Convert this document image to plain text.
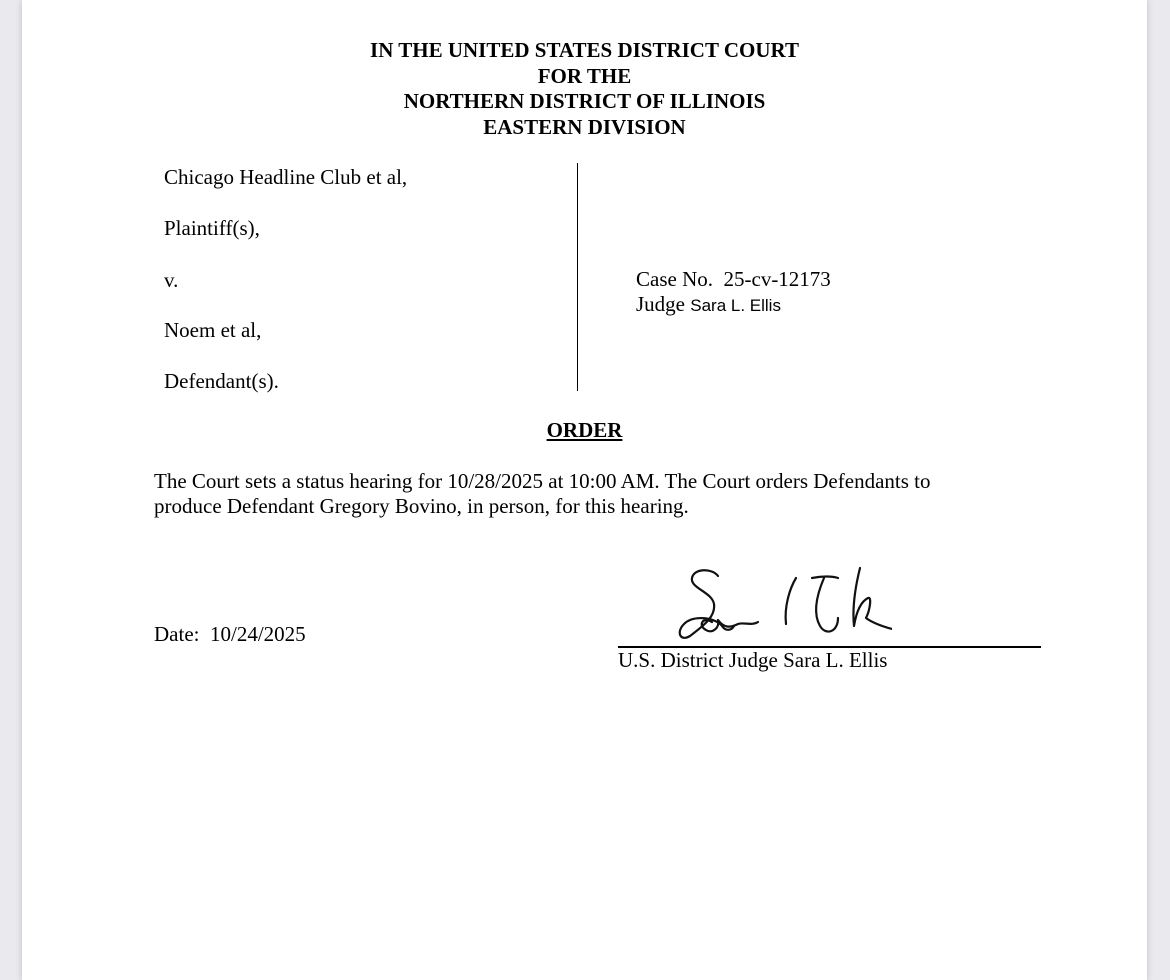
IN THE UNITED STATES DISTRICT COURT
FOR THE
NORTHERN DISTRICT OF ILLINOIS
EASTERN DIVISION
Chicago Headline Club et al,
Plaintiff(s),
v.
Noem et al,
Defendant(s).
Case No. 25-cv-12173
Judge Sara L. Ellis
ORDER
The Court sets a status hearing for 10/28/2025 at 10:00 AM. The Court orders Defendants to
produce Defendant Gregory Bovino, in person, for this hearing.
Date: 10/24/2025
U.S. District Judge Sara L. Ellis
